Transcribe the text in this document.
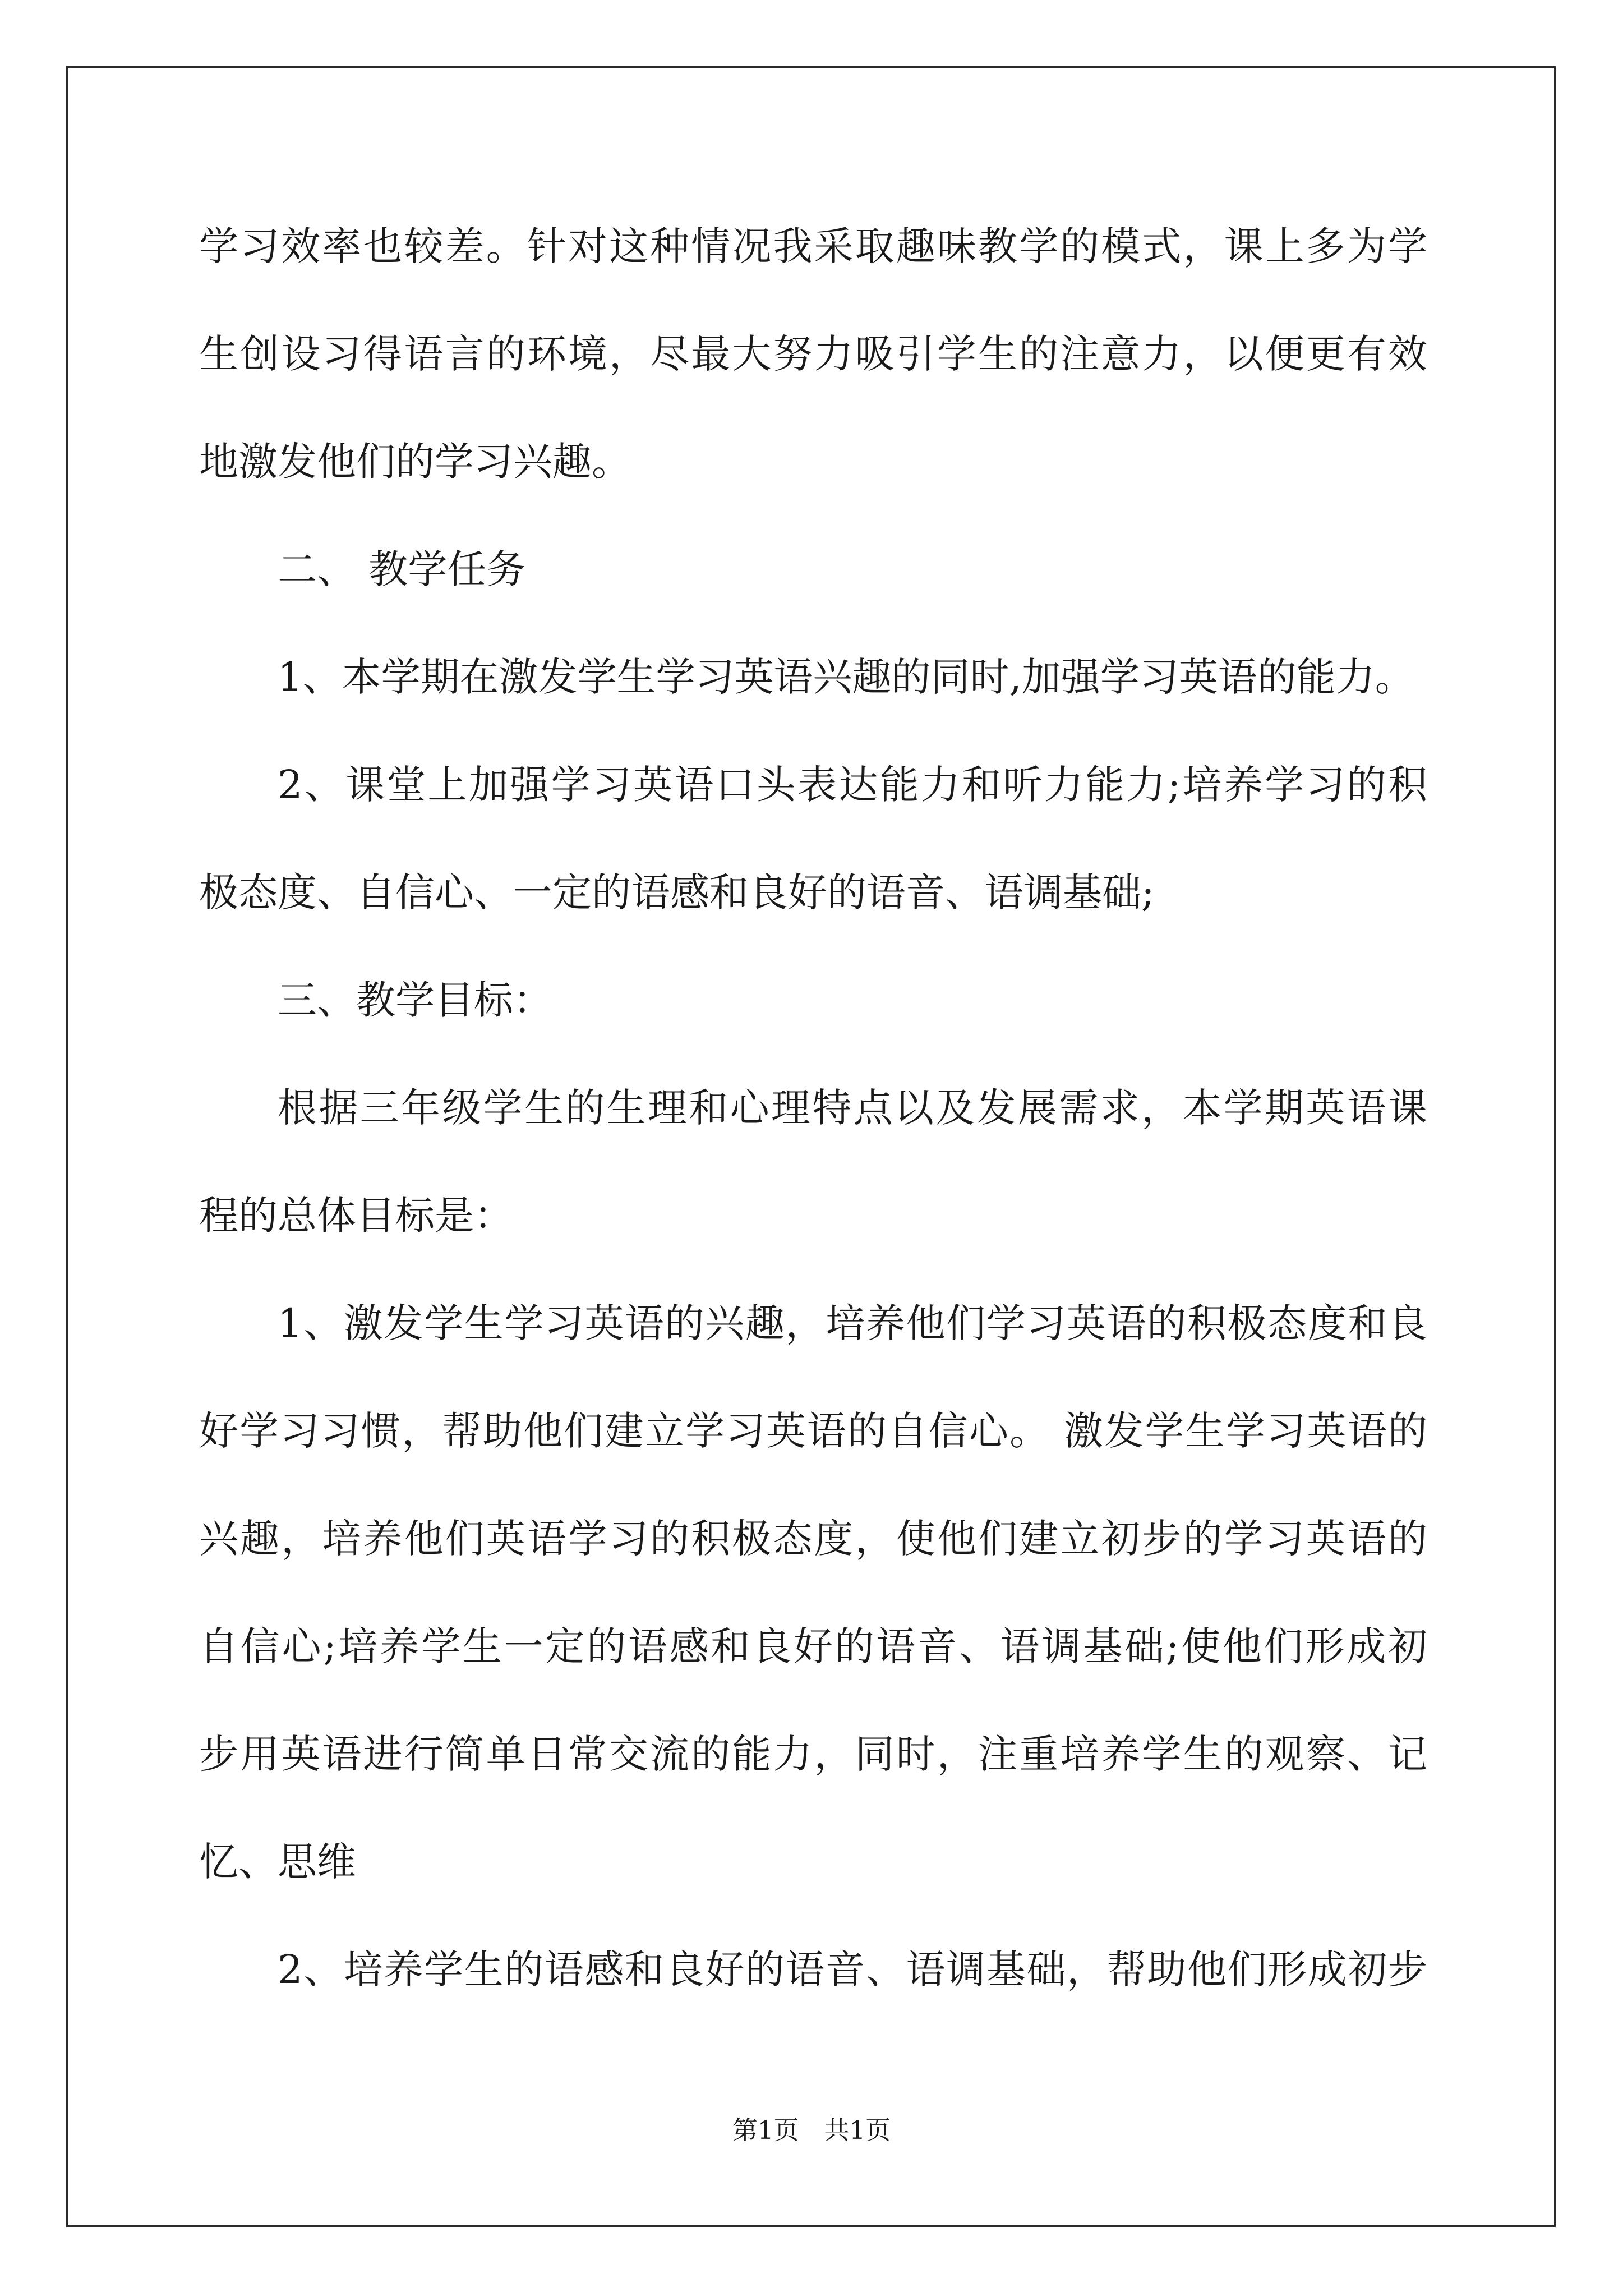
学习效率也较差。针对这种情况我采取趣味教学的模式，课上多为学
生创设习得语言的环境，尽最大努力吸引学生的注意力，以便更有效
地激发他们的学习兴趣。
二、 教学任务
1、本学期在激发学生学习英语兴趣的同时,加强学习英语的能力。
2、课堂上加强学习英语口头表达能力和听力能力;培养学习的积
极态度、自信心、一定的语感和良好的语音、语调基础;
三、教学目标：
根据三年级学生的生理和心理特点以及发展需求，本学期英语课
程的总体目标是：
1、激发学生学习英语的兴趣，培养他们学习英语的积极态度和良
好学习习惯，帮助他们建立学习英语的自信心。 激发学生学习英语的
兴趣，培养他们英语学习的积极态度，使他们建立初步的学习英语的
自信心;培养学生一定的语感和良好的语音、语调基础;使他们形成初
步用英语进行简单日常交流的能力，同时，注重培养学生的观察、记
忆、思维
2、培养学生的语感和良好的语音、语调基础，帮助他们形成初步
第1页　共1页
